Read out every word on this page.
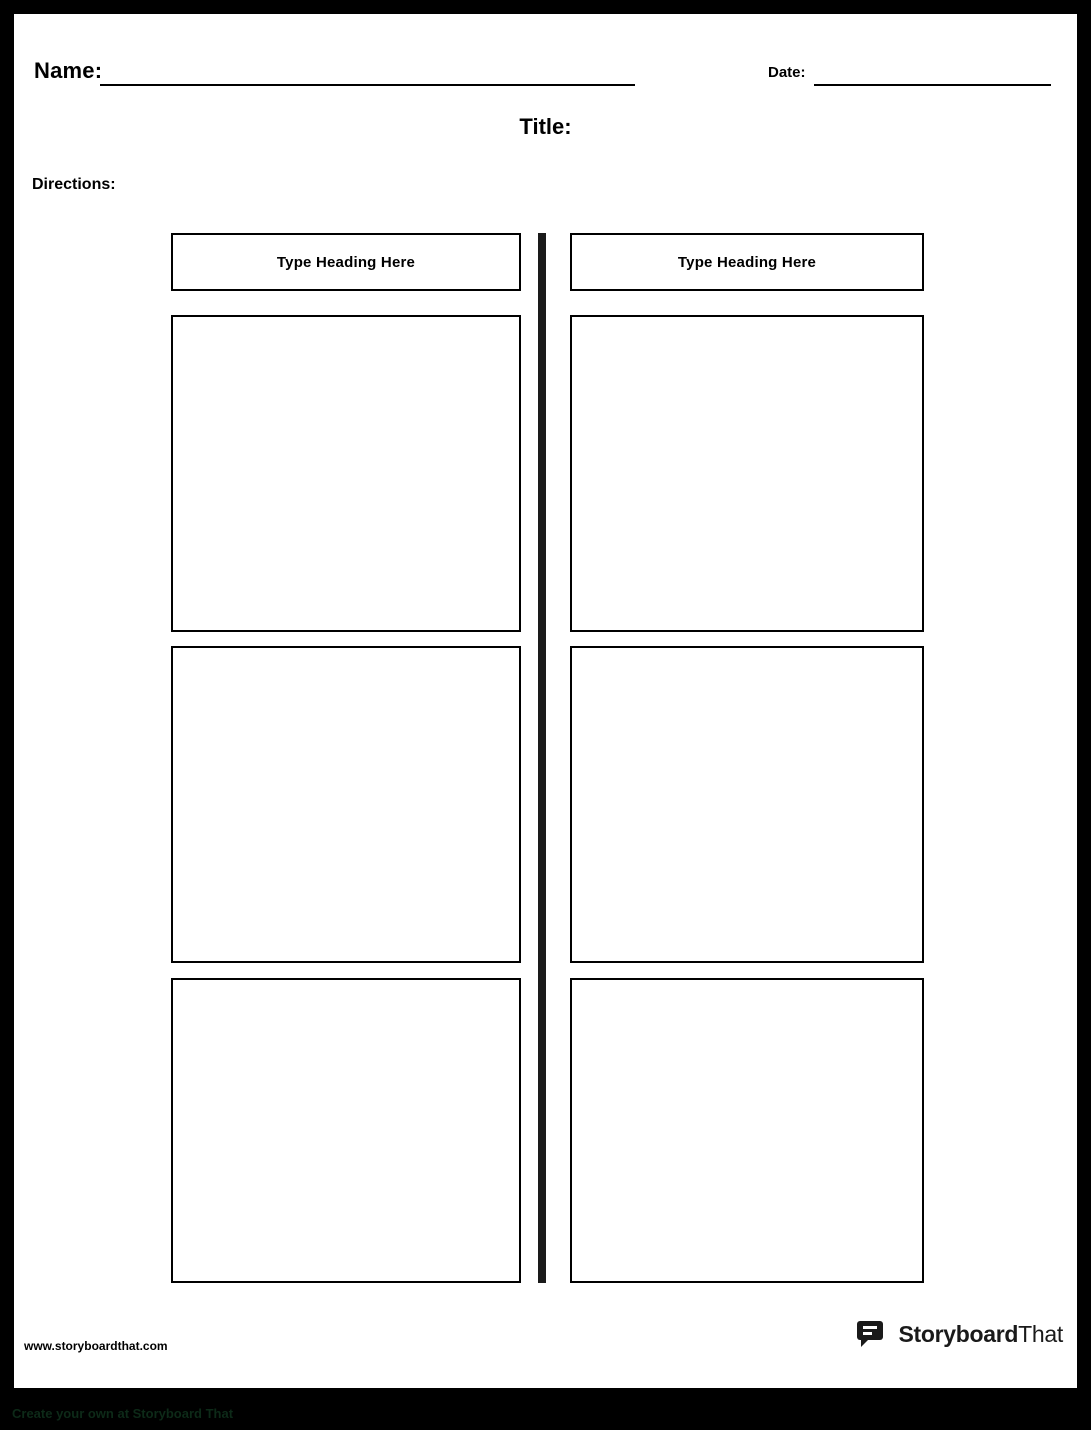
Name:	Date:
Title:
Directions:
Type Heading Here	Type Heading Here
www.storyboardthat.com	StoryboardThat
Create your own at Storyboard That
